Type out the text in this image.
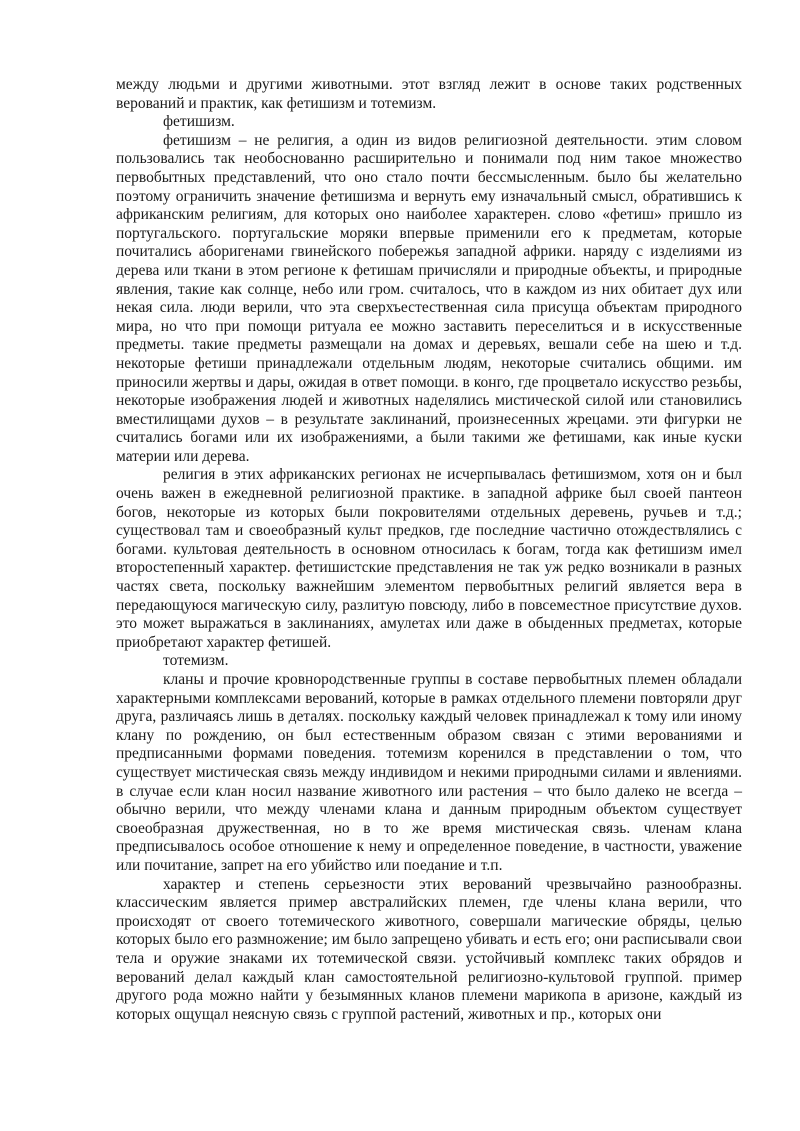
между людьми и другими животными. этот взгляд лежит в основе таких родственных верований и практик, как фетишизм и тотемизм.

фетишизм.

фетишизм – не религия, а один из видов религиозной деятельности. этим словом пользовались так необоснованно расширительно и понимали под ним такое множество первобытных представлений, что оно стало почти бессмысленным. было бы желательно поэтому ограничить значение фетишизма и вернуть ему изначальный смысл, обратившись к африканским религиям, для которых оно наиболее характерен. слово «фетиш» пришло из португальского. португальские моряки впервые применили его к предметам, которые почитались аборигенами гвинейского побережья западной африки. наряду с изделиями из дерева или ткани в этом регионе к фетишам причисляли и природные объекты, и природные явления, такие как солнце, небо или гром. считалось, что в каждом из них обитает дух или некая сила. люди верили, что эта сверхъестественная сила присуща объектам природного мира, но что при помощи ритуала ее можно заставить переселиться и в искусственные предметы. такие предметы размещали на домах и деревьях, вешали себе на шею и т.д. некоторые фетиши принадлежали отдельным людям, некоторые считались общими. им приносили жертвы и дары, ожидая в ответ помощи. в конго, где процветало искусство резьбы, некоторые изображения людей и животных наделялись мистической силой или становились вместилищами духов – в результате заклинаний, произнесенных жрецами. эти фигурки не считались богами или их изображениями, а были такими же фетишами, как иные куски материи или дерева.

религия в этих африканских регионах не исчерпывалась фетишизмом, хотя он и был очень важен в ежедневной религиозной практике. в западной африке был своей пантеон богов, некоторые из которых были покровителями отдельных деревень, ручьев и т.д.; существовал там и своеобразный культ предков, где последние частично отождествлялись с богами. культовая деятельность в основном относилась к богам, тогда как фетишизм имел второстепенный характер. фетишистские представления не так уж редко возникали в разных частях света, поскольку важнейшим элементом первобытных религий является вера в передающуюся магическую силу, разлитую повсюду, либо в повсеместное присутствие духов. это может выражаться в заклинаниях, амулетах или даже в обыденных предметах, которые приобретают характер фетишей.

тотемизм.

кланы и прочие кровнородственные группы в составе первобытных племен обладали характерными комплексами верований, которые в рамках отдельного племени повторяли друг друга, различаясь лишь в деталях. поскольку каждый человек принадлежал к тому или иному клану по рождению, он был естественным образом связан с этими верованиями и предписанными формами поведения. тотемизм коренился в представлении о том, что существует мистическая связь между индивидом и некими природными силами и явлениями. в случае если клан носил название животного или растения – что было далеко не всегда – обычно верили, что между членами клана и данным природным объектом существует своеобразная дружественная, но в то же время мистическая связь. членам клана предписывалось особое отношение к нему и определенное поведение, в частности, уважение или почитание, запрет на его убийство или поедание и т.п.

характер и степень серьезности этих верований чрезвычайно разнообразны. классическим является пример австралийских племен, где члены клана верили, что происходят от своего тотемического животного, совершали магические обряды, целью которых было его размножение; им было запрещено убивать и есть его; они расписывали свои тела и оружие знаками их тотемической связи. устойчивый комплекс таких обрядов и верований делал каждый клан самостоятельной религиозно-культовой группой. пример другого рода можно найти у безымянных кланов племени марикопа в аризоне, каждый из которых ощущал неясную связь с группой растений, животных и пр., которых они
